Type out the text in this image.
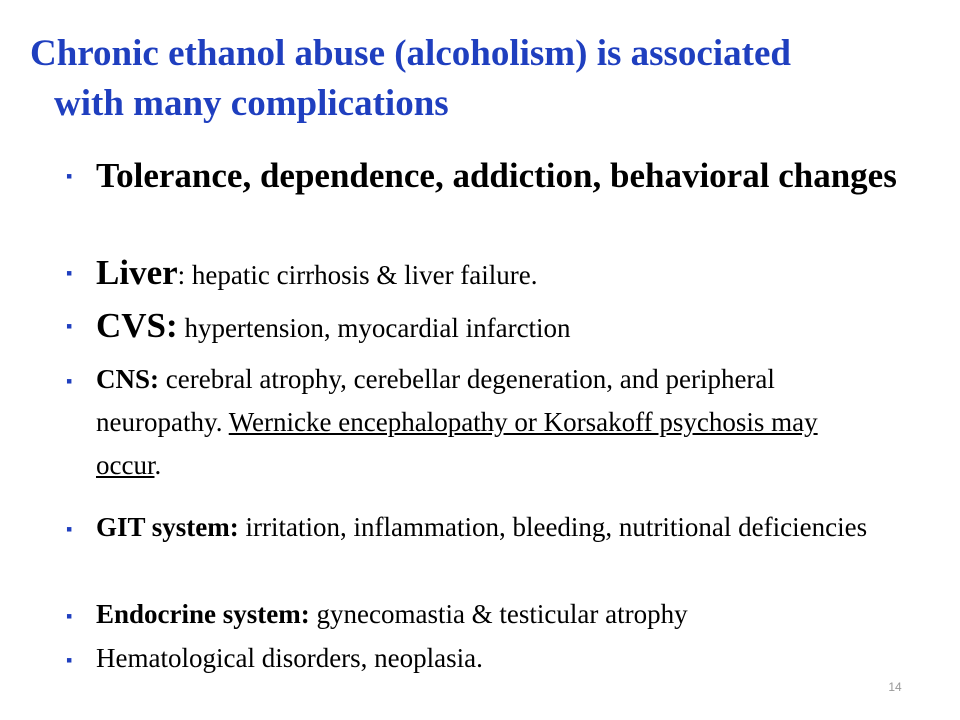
Chronic ethanol abuse (alcoholism) is associated
with many complications
▪ Tolerance, dependence, addiction, behavioral changes
▪ Liver: hepatic cirrhosis & liver failure.
▪ CVS: hypertension, myocardial infarction
▪ CNS: cerebral atrophy, cerebellar degeneration, and peripheral neuropathy. Wernicke encephalopathy or Korsakoff psychosis may occur.
▪ GIT system: irritation, inflammation, bleeding, nutritional deficiencies
▪ Endocrine system: gynecomastia & testicular atrophy
▪ Hematological disorders, neoplasia.
14
